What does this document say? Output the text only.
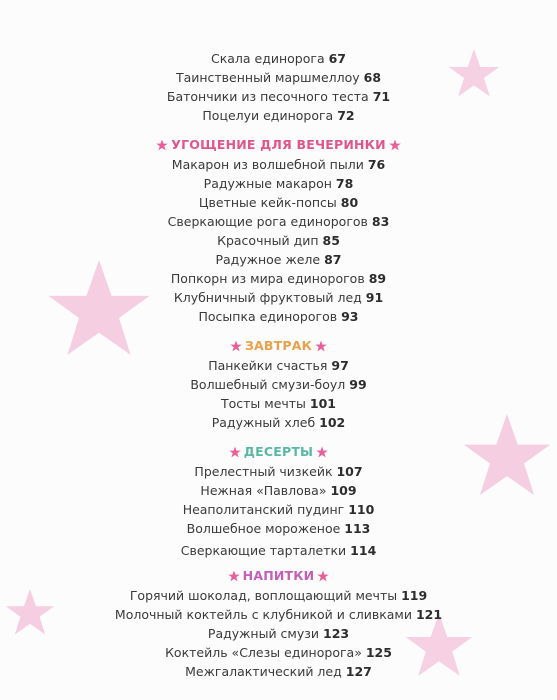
Скала единорога 67
Таинственный маршмеллоу 68
Батончики из песочного теста 71
Поцелуи единорога 72
УГОЩЕНИЕ ДЛЯ ВЕЧЕРИНКИ
Макарон из волшебной пыли 76
Радужные макарон 78
Цветные кейк-попсы 80
Сверкающие рога единорогов 83
Красочный дип 85
Радужное желе 87
Попкорн из мира единорогов 89
Клубничный фруктовый лед 91
Посыпка единорогов 93
ЗАВТРАК
Панкейки счастья 97
Волшебный смузи-боул 99
Тосты мечты 101
Радужный хлеб 102
ДЕСЕРТЫ
Прелестный чизкейк 107
Нежная «Павлова» 109
Неаполитанский пудинг 110
Волшебное мороженое 113
Сверкающие тарталетки 114
НАПИТКИ
Горячий шоколад, воплощающий мечты 119
Молочный коктейль с клубникой и сливками 121
Радужный смузи 123
Коктейль «Слезы единорога» 125
Межгалактический лед 127
